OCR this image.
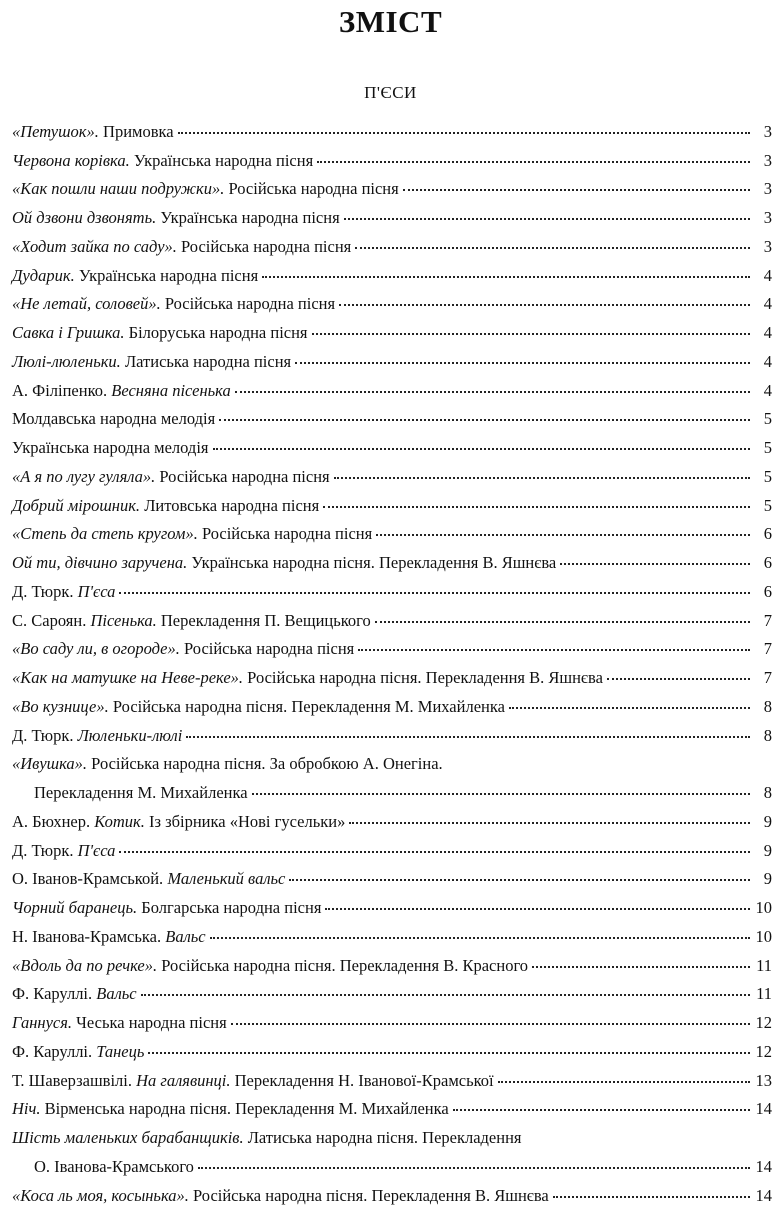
ЗМІСТ
П'ЄСИ
«Петушок». Примовка	3
Червона корівка. Українська народна пісня	3
«Как пошли наши подружки». Російська народна пісня	3
Ой дзвони дзвонять. Українська народна пісня	3
«Ходит зайка по саду». Російська народна пісня	3
Дударик. Українська народна пісня	4
«Не летай, соловей». Російська народна пісня	4
Савка і Гришка. Білоруська народна пісня	4
Люлі-люленьки. Латиська народна пісня	4
А. Філіпенко. Весняна пісенька	4
Молдавська народна мелодія	5
Українська народна мелодія	5
«А я по лугу гуляла». Російська народна пісня	5
Добрий мірошник. Литовська народна пісня	5
«Степь да степь кругом». Російська народна пісня	6
Ой ти, дівчино заручена. Українська народна пісня. Перекладення В. Яшнєва	6
Д. Тюрк. П'єса	6
С. Сароян. Пісенька. Перекладення П. Вещицького	7
«Во саду ли, в огороде». Російська народна пісня	7
«Как на матушке на Неве-реке». Російська народна пісня. Перекладення В. Яшнєва	7
«Во кузнице». Російська народна пісня. Перекладення М. Михайленка	8
Д. Тюрк. Люленьки-люлі	8
«Ивушка». Російська народна пісня. За обробкою А. Онегіна.
Перекладення М. Михайленка	8
А. Бюхнер. Котик. Із збірника «Нові гусельки»	9
Д. Тюрк. П'єса	9
О. Іванов-Крамськой. Маленький вальс	9
Чорний баранець. Болгарська народна пісня	10
Н. Іванова-Крамська. Вальс	10
«Вдоль да по речке». Російська народна пісня. Перекладення В. Красного	11
Ф. Каруллі. Вальс	11
Ганнуся. Чеська народна пісня	12
Ф. Каруллі. Танець	12
Т. Шаверзашвілі. На галявинці. Перекладення Н. Іванової-Крамської	13
Ніч. Вірменська народна пісня. Перекладення М. Михайленка	14
Шість маленьких барабанщиків. Латиська народна пісня. Перекладення
О. Іванова-Крамського	14
«Коса ль моя, косынька». Російська народна пісня. Перекладення В. Яшнєва	14
